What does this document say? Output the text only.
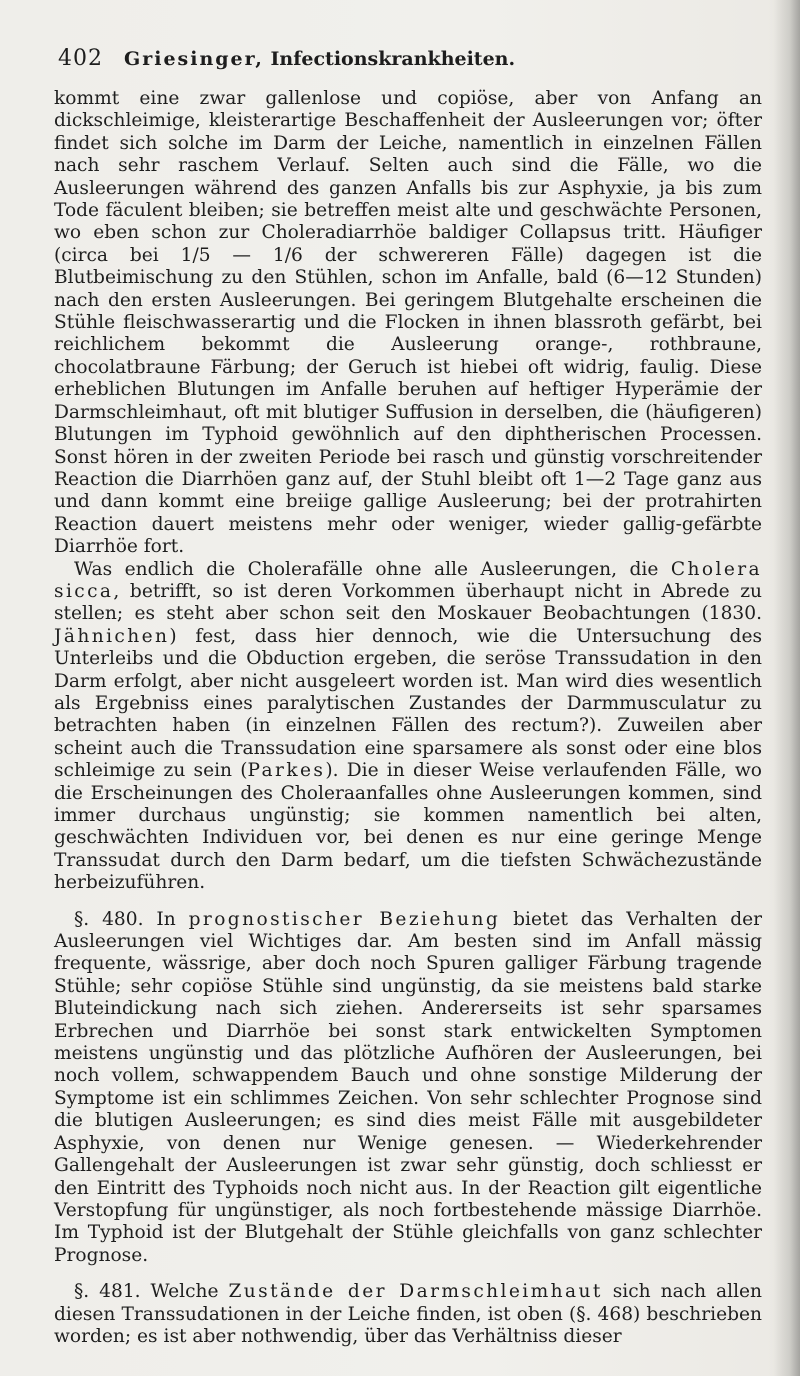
402 Griesinger, Infectionskrankheiten.

kommt eine zwar gallenlose und copiöse, aber von Anfang an dickschleimige, kleisterartige Beschaffenheit der Ausleerungen vor; öfter findet sich solche im Darm der Leiche, namentlich in einzelnen Fällen nach sehr raschem Verlauf. Selten auch sind die Fälle, wo die Ausleerungen während des ganzen Anfalls bis zur Asphyxie, ja bis zum Tode fäculent bleiben; sie betreffen meist alte und geschwächte Personen, wo eben schon zur Choleradiarrhöe baldiger Collapsus tritt. Häufiger (circa bei 1/5 — 1/6 der schwereren Fälle) dagegen ist die Blutbeimischung zu den Stühlen, schon im Anfalle, bald (6—12 Stunden) nach den ersten Ausleerungen. Bei geringem Blutgehalte erscheinen die Stühle fleischwasserartig und die Flocken in ihnen blassroth gefärbt, bei reichlichem bekommt die Ausleerung orange-, rothbraune, chocolatbraune Färbung; der Geruch ist hiebei oft widrig, faulig. Diese erheblichen Blutungen im Anfalle beruhen auf heftiger Hyperämie der Darmschleimhaut, oft mit blutiger Suffusion in derselben, die (häufigeren) Blutungen im Typhoid gewöhnlich auf den diphtherischen Processen. Sonst hören in der zweiten Periode bei rasch und günstig vorschreitender Reaction die Diarrhöen ganz auf, der Stuhl bleibt oft 1—2 Tage ganz aus und dann kommt eine breiige gallige Ausleerung; bei der protrahirten Reaction dauert meistens mehr oder weniger, wieder gallig-gefärbte Diarrhöe fort.

Was endlich die Cholerafälle ohne alle Ausleerungen, die Cholera sicca, betrifft, so ist deren Vorkommen überhaupt nicht in Abrede zu stellen; es steht aber schon seit den Moskauer Beobachtungen (1830. Jähnichen) fest, dass hier dennoch, wie die Untersuchung des Unterleibs und die Obduction ergeben, die seröse Transsudation in den Darm erfolgt, aber nicht ausgeleert worden ist. Man wird dies wesentlich als Ergebniss eines paralytischen Zustandes der Darmmusculatur zu betrachten haben (in einzelnen Fällen des rectum?). Zuweilen aber scheint auch die Transsudation eine sparsamere als sonst oder eine blos schleimige zu sein (Parkes). Die in dieser Weise verlaufenden Fälle, wo die Erscheinungen des Choleraanfalles ohne Ausleerungen kommen, sind immer durchaus ungünstig; sie kommen namentlich bei alten, geschwächten Individuen vor, bei denen es nur eine geringe Menge Transsudat durch den Darm bedarf, um die tiefsten Schwächezustände herbeizuführen.

§. 480. In prognostischer Beziehung bietet das Verhalten der Ausleerungen viel Wichtiges dar. Am besten sind im Anfall mässig frequente, wässrige, aber doch noch Spuren galliger Färbung tragende Stühle; sehr copiöse Stühle sind ungünstig, da sie meistens bald starke Bluteindickung nach sich ziehen. Andererseits ist sehr sparsames Erbrechen und Diarrhöe bei sonst stark entwickelten Symptomen meistens ungünstig und das plötzliche Aufhören der Ausleerungen, bei noch vollem, schwappendem Bauch und ohne sonstige Milderung der Symptome ist ein schlimmes Zeichen. Von sehr schlechter Prognose sind die blutigen Ausleerungen; es sind dies meist Fälle mit ausgebildeter Asphyxie, von denen nur Wenige genesen. — Wiederkehrender Gallengehalt der Ausleerungen ist zwar sehr günstig, doch schliesst er den Eintritt des Typhoids noch nicht aus. In der Reaction gilt eigentliche Verstopfung für ungünstiger, als noch fortbestehende mässige Diarrhöe. Im Typhoid ist der Blutgehalt der Stühle gleichfalls von ganz schlechter Prognose.

§. 481. Welche Zustände der Darmschleimhaut sich nach allen diesen Transsudationen in der Leiche finden, ist oben (§. 468) beschrieben worden; es ist aber nothwendig, über das Verhältniss dieser
